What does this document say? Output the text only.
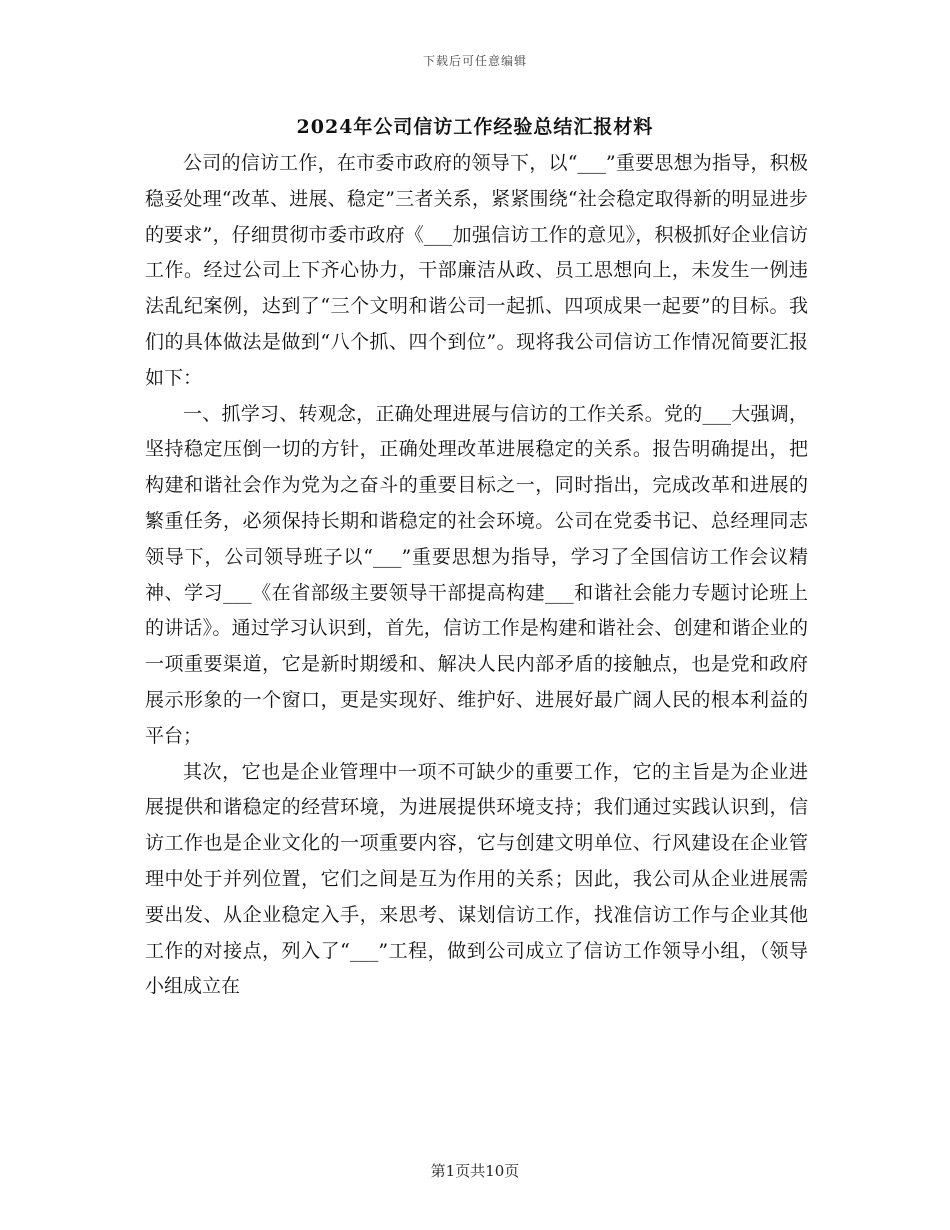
下载后可任意编辑
2024年公司信访工作经验总结汇报材料

公司的信访工作，在市委市政府的领导下，以“___”重要思想为指导，积极稳妥处理“改革、进展、稳定”三者关系，紧紧围绕“社会稳定取得新的明显进步的要求”，仔细贯彻市委市政府《___加强信访工作的意见》，积极抓好企业信访工作。经过公司上下齐心协力，干部廉洁从政、员工思想向上，未发生一例违法乱纪案例，达到了“三个文明和谐公司一起抓、四项成果一起要”的目标。我们的具体做法是做到“八个抓、四个到位”。现将我公司信访工作情况简要汇报如下：

一、抓学习、转观念，正确处理进展与信访的工作关系。党的___大强调，坚持稳定压倒一切的方针，正确处理改革进展稳定的关系。报告明确提出，把构建和谐社会作为党为之奋斗的重要目标之一，同时指出，完成改革和进展的繁重任务，必须保持长期和谐稳定的社会环境。公司在党委书记、总经理同志领导下，公司领导班子以“___”重要思想为指导，学习了全国信访工作会议精神、学习___《在省部级主要领导干部提高构建___和谐社会能力专题讨论班上的讲话》。通过学习认识到，首先，信访工作是构建和谐社会、创建和谐企业的一项重要渠道，它是新时期缓和、解决人民内部矛盾的接触点，也是党和政府展示形象的一个窗口，更是实现好、维护好、进展好最广阔人民的根本利益的平台；

其次，它也是企业管理中一项不可缺少的重要工作，它的主旨是为企业进展提供和谐稳定的经营环境，为进展提供环境支持；我们通过实践认识到，信访工作也是企业文化的一项重要内容，它与创建文明单位、行风建设在企业管理中处于并列位置，它们之间是互为作用的关系；因此，我公司从企业进展需要出发、从企业稳定入手，来思考、谋划信访工作，找准信访工作与企业其他工作的对接点，列入了“___”工程，做到公司成立了信访工作领导小组，（领导小组成立在

第1页共10页
